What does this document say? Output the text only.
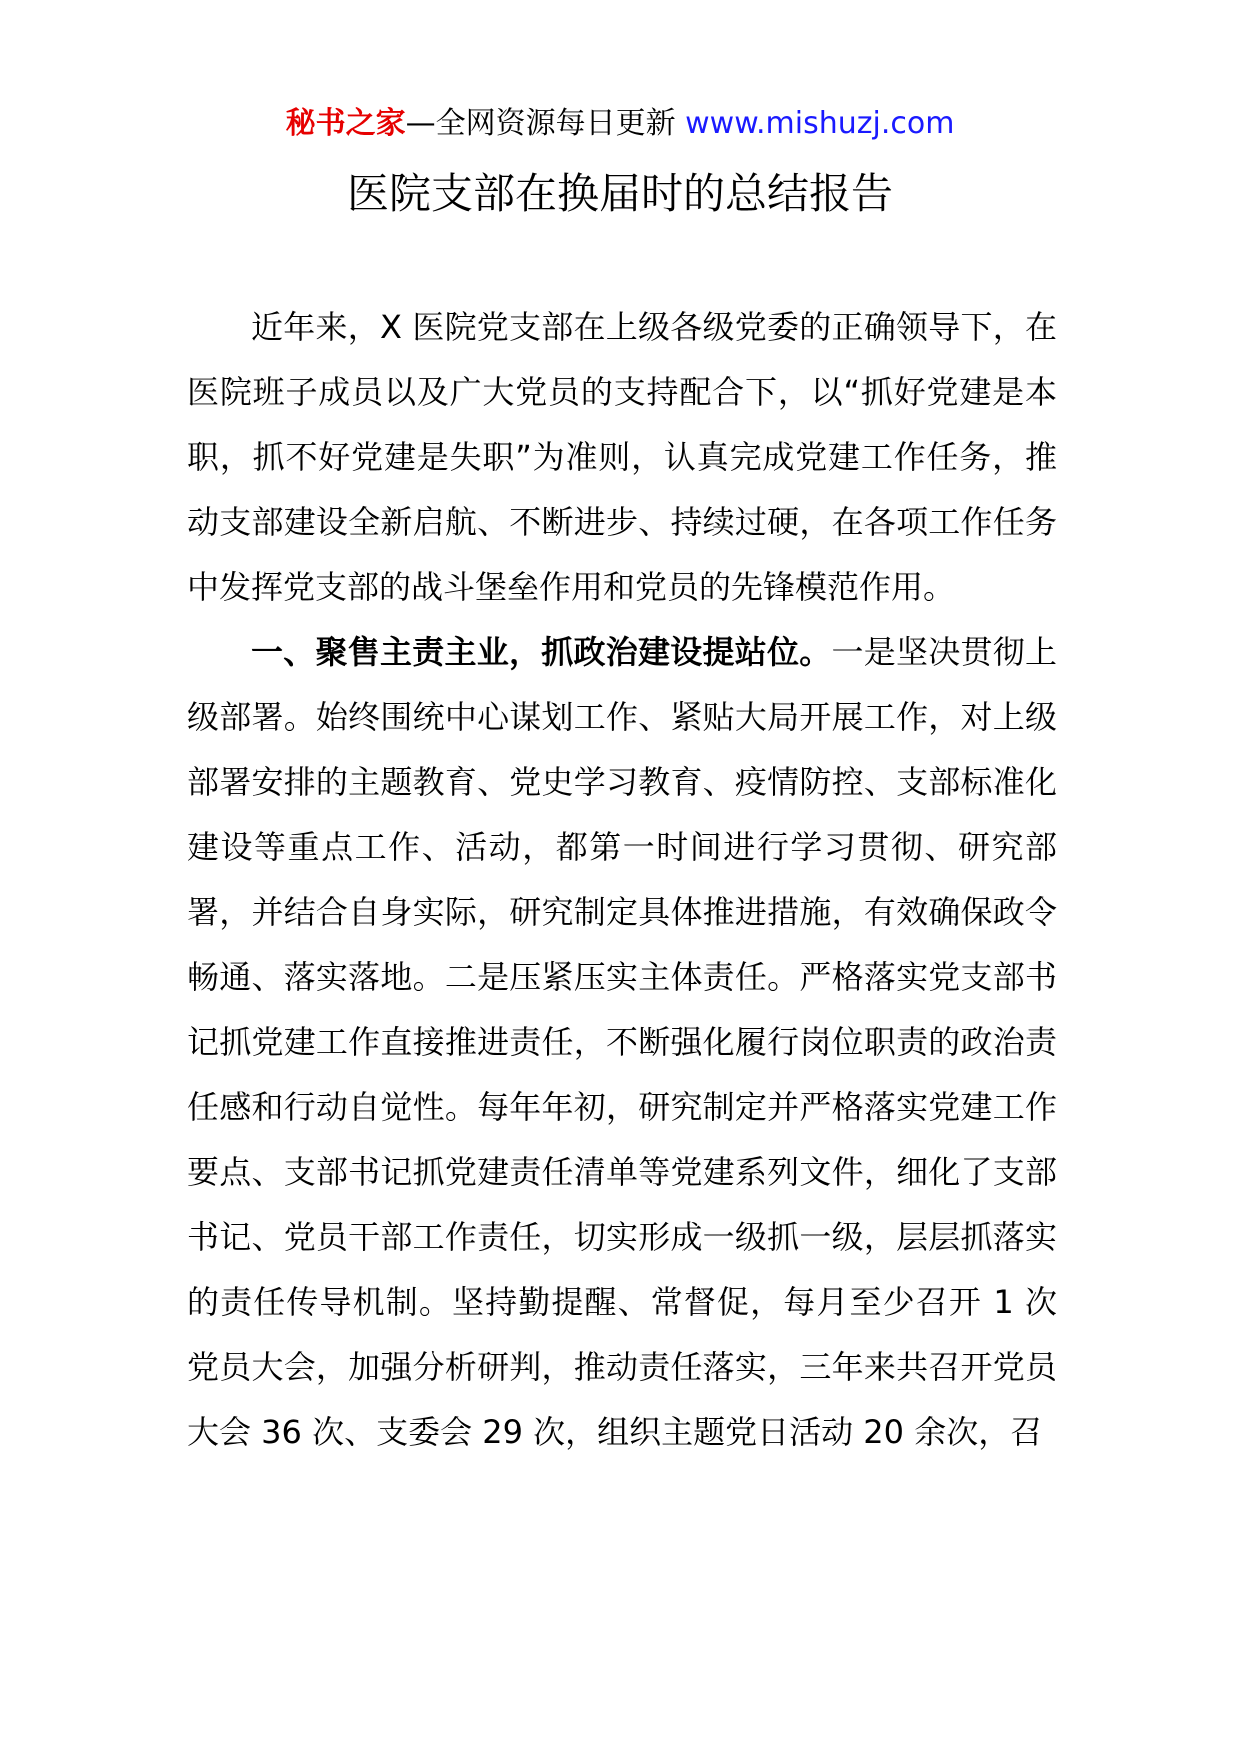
秘书之家—全网资源每日更新 www.mishuzj.com
医院支部在换届时的总结报告

近年来，X 医院党支部在上级各级党委的正确领导下，在医院班子成员以及广大党员的支持配合下，以“抓好党建是本职，抓不好党建是失职”为准则，认真完成党建工作任务，推动支部建设全新启航、不断进步、持续过硬，在各项工作任务中发挥党支部的战斗堡垒作用和党员的先锋模范作用。

一、聚售主责主业，抓政治建设提站位。一是坚决贯彻上级部署。始终围统中心谋划工作、紧贴大局开展工作，对上级部署安排的主题教育、党史学习教育、疫情防控、支部标准化建设等重点工作、活动，都第一时间进行学习贯彻、研究部署，并结合自身实际，研究制定具体推进措施，有效确保政令畅通、落实落地。二是压紧压实主体责任。严格落实党支部书记抓党建工作直接推进责任，不断强化履行岗位职责的政治责任感和行动自觉性。每年年初，研究制定并严格落实党建工作要点、支部书记抓党建责任清单等党建系列文件，细化了支部书记、党员干部工作责任，切实形成一级抓一级，层层抓落实的责任传导机制。坚持勤提醒、常督促，每月至少召开 1 次党员大会，加强分析研判，推动责任落实，三年来共召开党员大会 36 次、支委会 29 次，组织主题党日活动 20 余次，召
